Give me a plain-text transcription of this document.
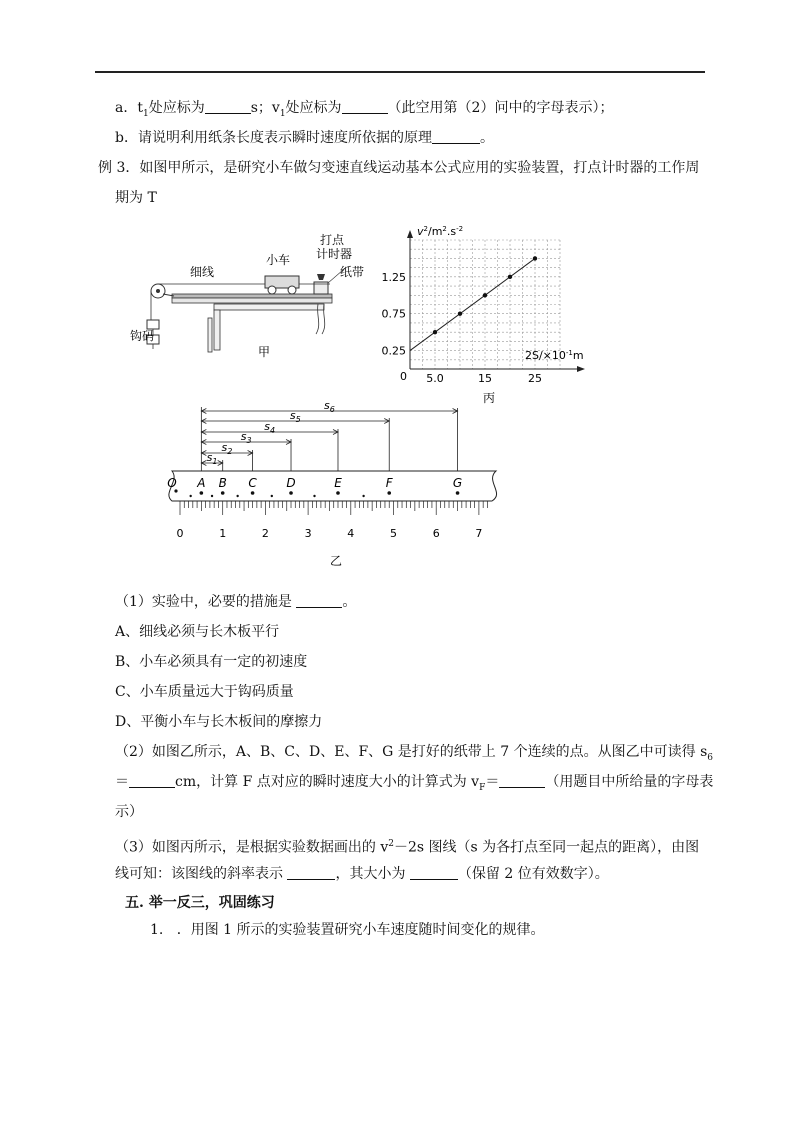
a．$t_1$处应标为	s；$v_1$处应标为	（此空用第（2）问中的字母表示）；
b．请说明利用纸条长度表示瞬时速度所依据的原理	。
例 3．如图甲所示，是研究小车做匀变速直线运动基本公式应用的实验装置，打点计时器的工作周
期为 T
细线
小车
打点
计时器
纸带
钩码
甲	0.25
0.75
1.25
5.0	15	25
$v^2/m^2.s^{-2}$
$2S/\times 10^{-1}m$
0
丙
$s_1$
$s_2$
$s_3$
$s_4$
$s_5$
$s_6$
O A B C D	E	F	G
0	1	2	3	4	5	6	7
乙
（1）实验中，必要的措施是	。
A、细线必须与长木板平行
B、小车必须具有一定的初速度
C、小车质量远大于钩码质量
D、平衡小车与长木板间的摩擦力
（2）如图乙所示，A、B、C、D、E、F、G 是打好的纸带上 7 个连续的点。从图乙中可读得 $s_6$
＝	cm，计算 F 点对应的瞬时速度大小的计算式为 $v_F=$	（用题目中所给量的字母表
示）
（3）如图丙所示，是根据实验数据画出的 $v^2-2s$ 图线（s 为各打点至同一起点的距离），由图
线可知：该图线的斜率表示	，其大小为	（保留 2 位有效数字）。
五. 举一反三，巩固练习
1. ．用图 1 所示的实验装置研究小车速度随时间变化的规律。
